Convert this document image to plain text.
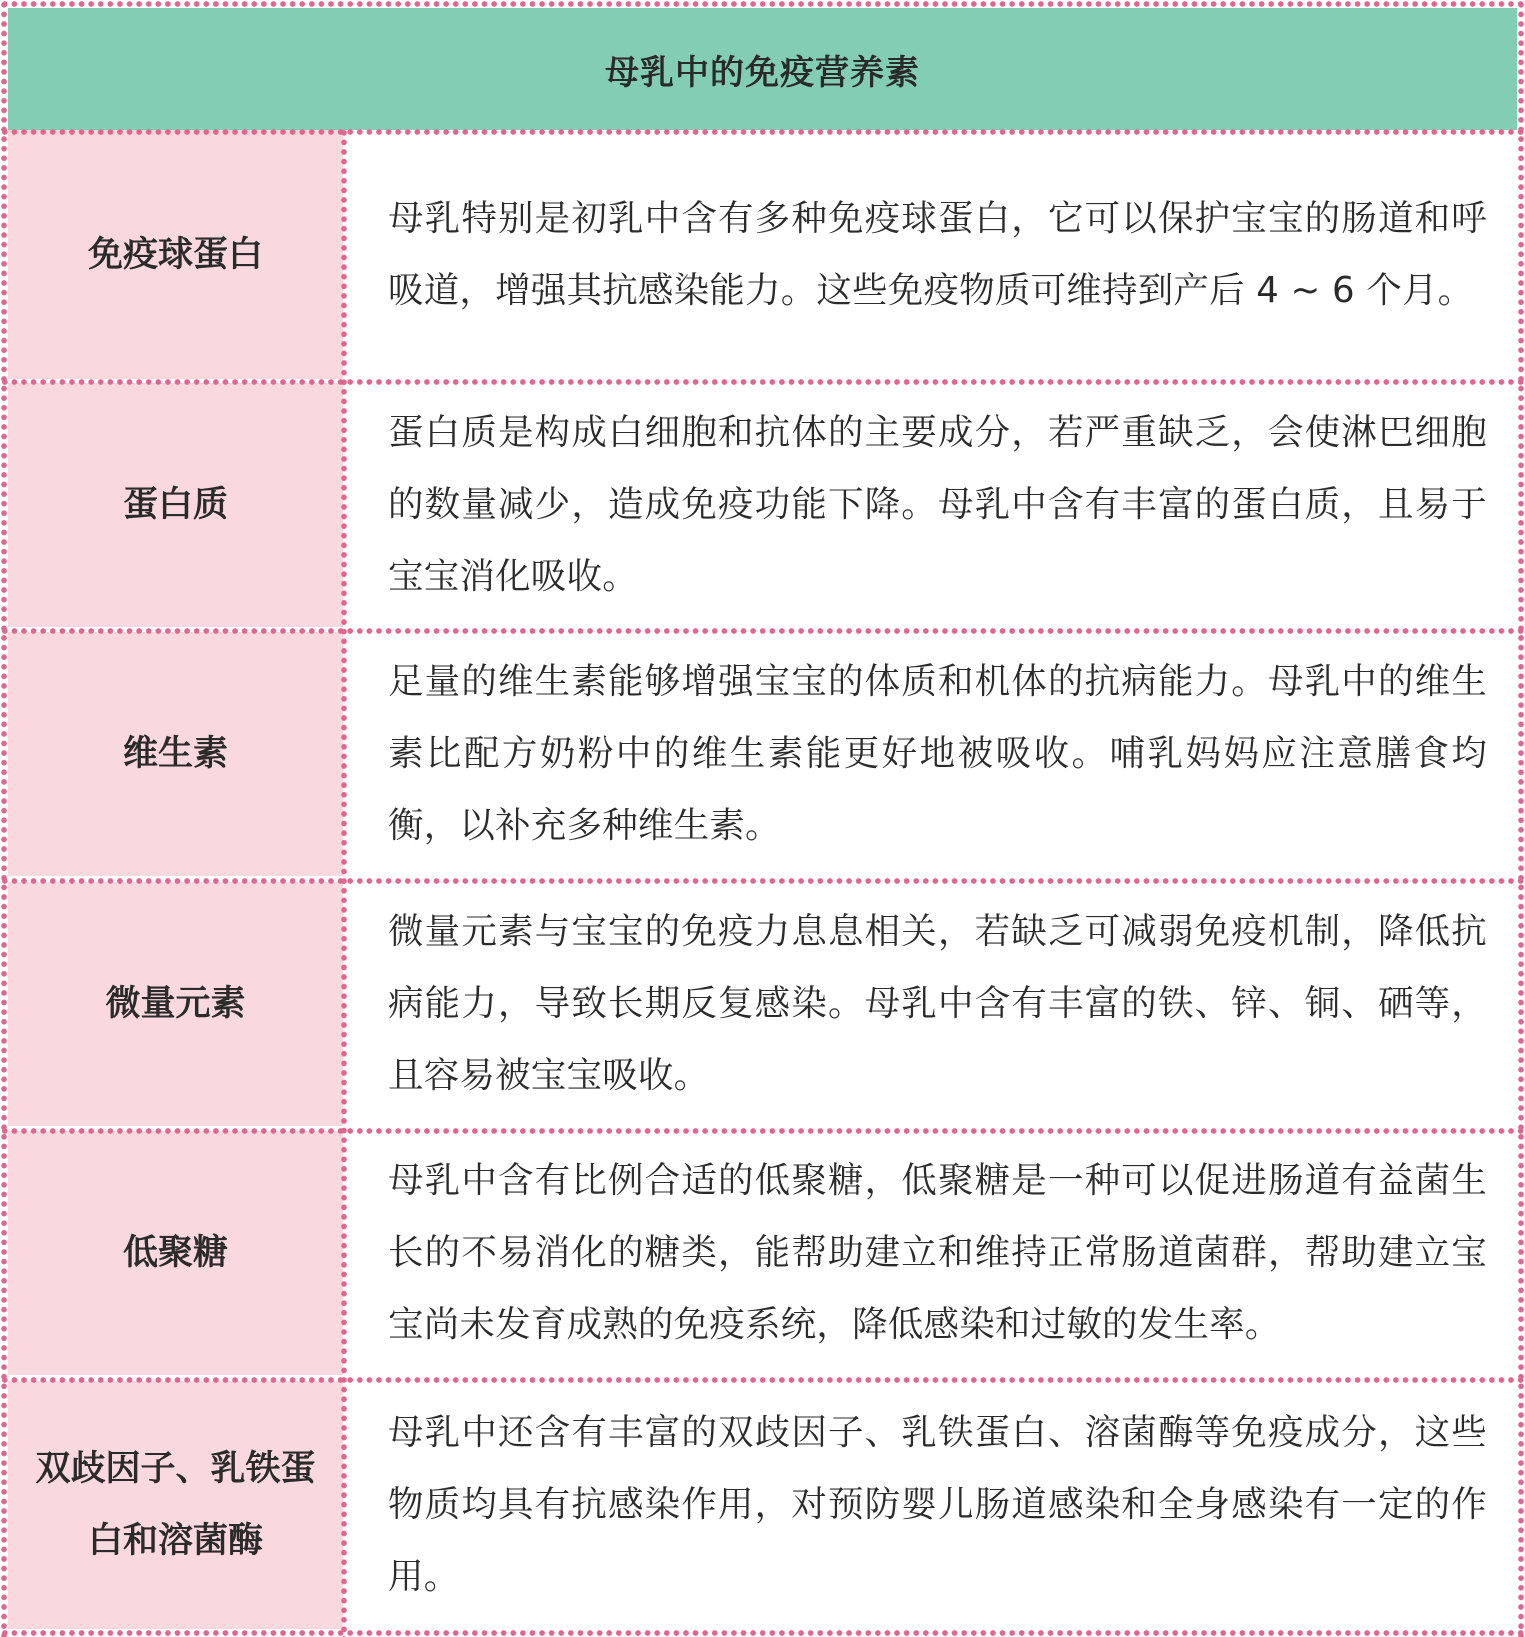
母乳中的免疫营养素
免疫球蛋白
母乳特别是初乳中含有多种免疫球蛋白，它可以保护宝宝的肠道和呼吸道，增强其抗感染能力。这些免疫物质可维持到产后 4 ~ 6 个月。
蛋白质
蛋白质是构成白细胞和抗体的主要成分，若严重缺乏，会使淋巴细胞的数量减少，造成免疫功能下降。母乳中含有丰富的蛋白质，且易于宝宝消化吸收。
维生素
足量的维生素能够增强宝宝的体质和机体的抗病能力。母乳中的维生素比配方奶粉中的维生素能更好地被吸收。哺乳妈妈应注意膳食均衡，以补充多种维生素。
微量元素
微量元素与宝宝的免疫力息息相关，若缺乏可减弱免疫机制，降低抗病能力，导致长期反复感染。母乳中含有丰富的铁、锌、铜、硒等，且容易被宝宝吸收。
低聚糖
母乳中含有比例合适的低聚糖，低聚糖是一种可以促进肠道有益菌生长的不易消化的糖类，能帮助建立和维持正常肠道菌群，帮助建立宝宝尚未发育成熟的免疫系统，降低感染和过敏的发生率。
双歧因子、乳铁蛋白和溶菌酶
母乳中还含有丰富的双歧因子、乳铁蛋白、溶菌酶等免疫成分，这些物质均具有抗感染作用，对预防婴儿肠道感染和全身感染有一定的作用。
